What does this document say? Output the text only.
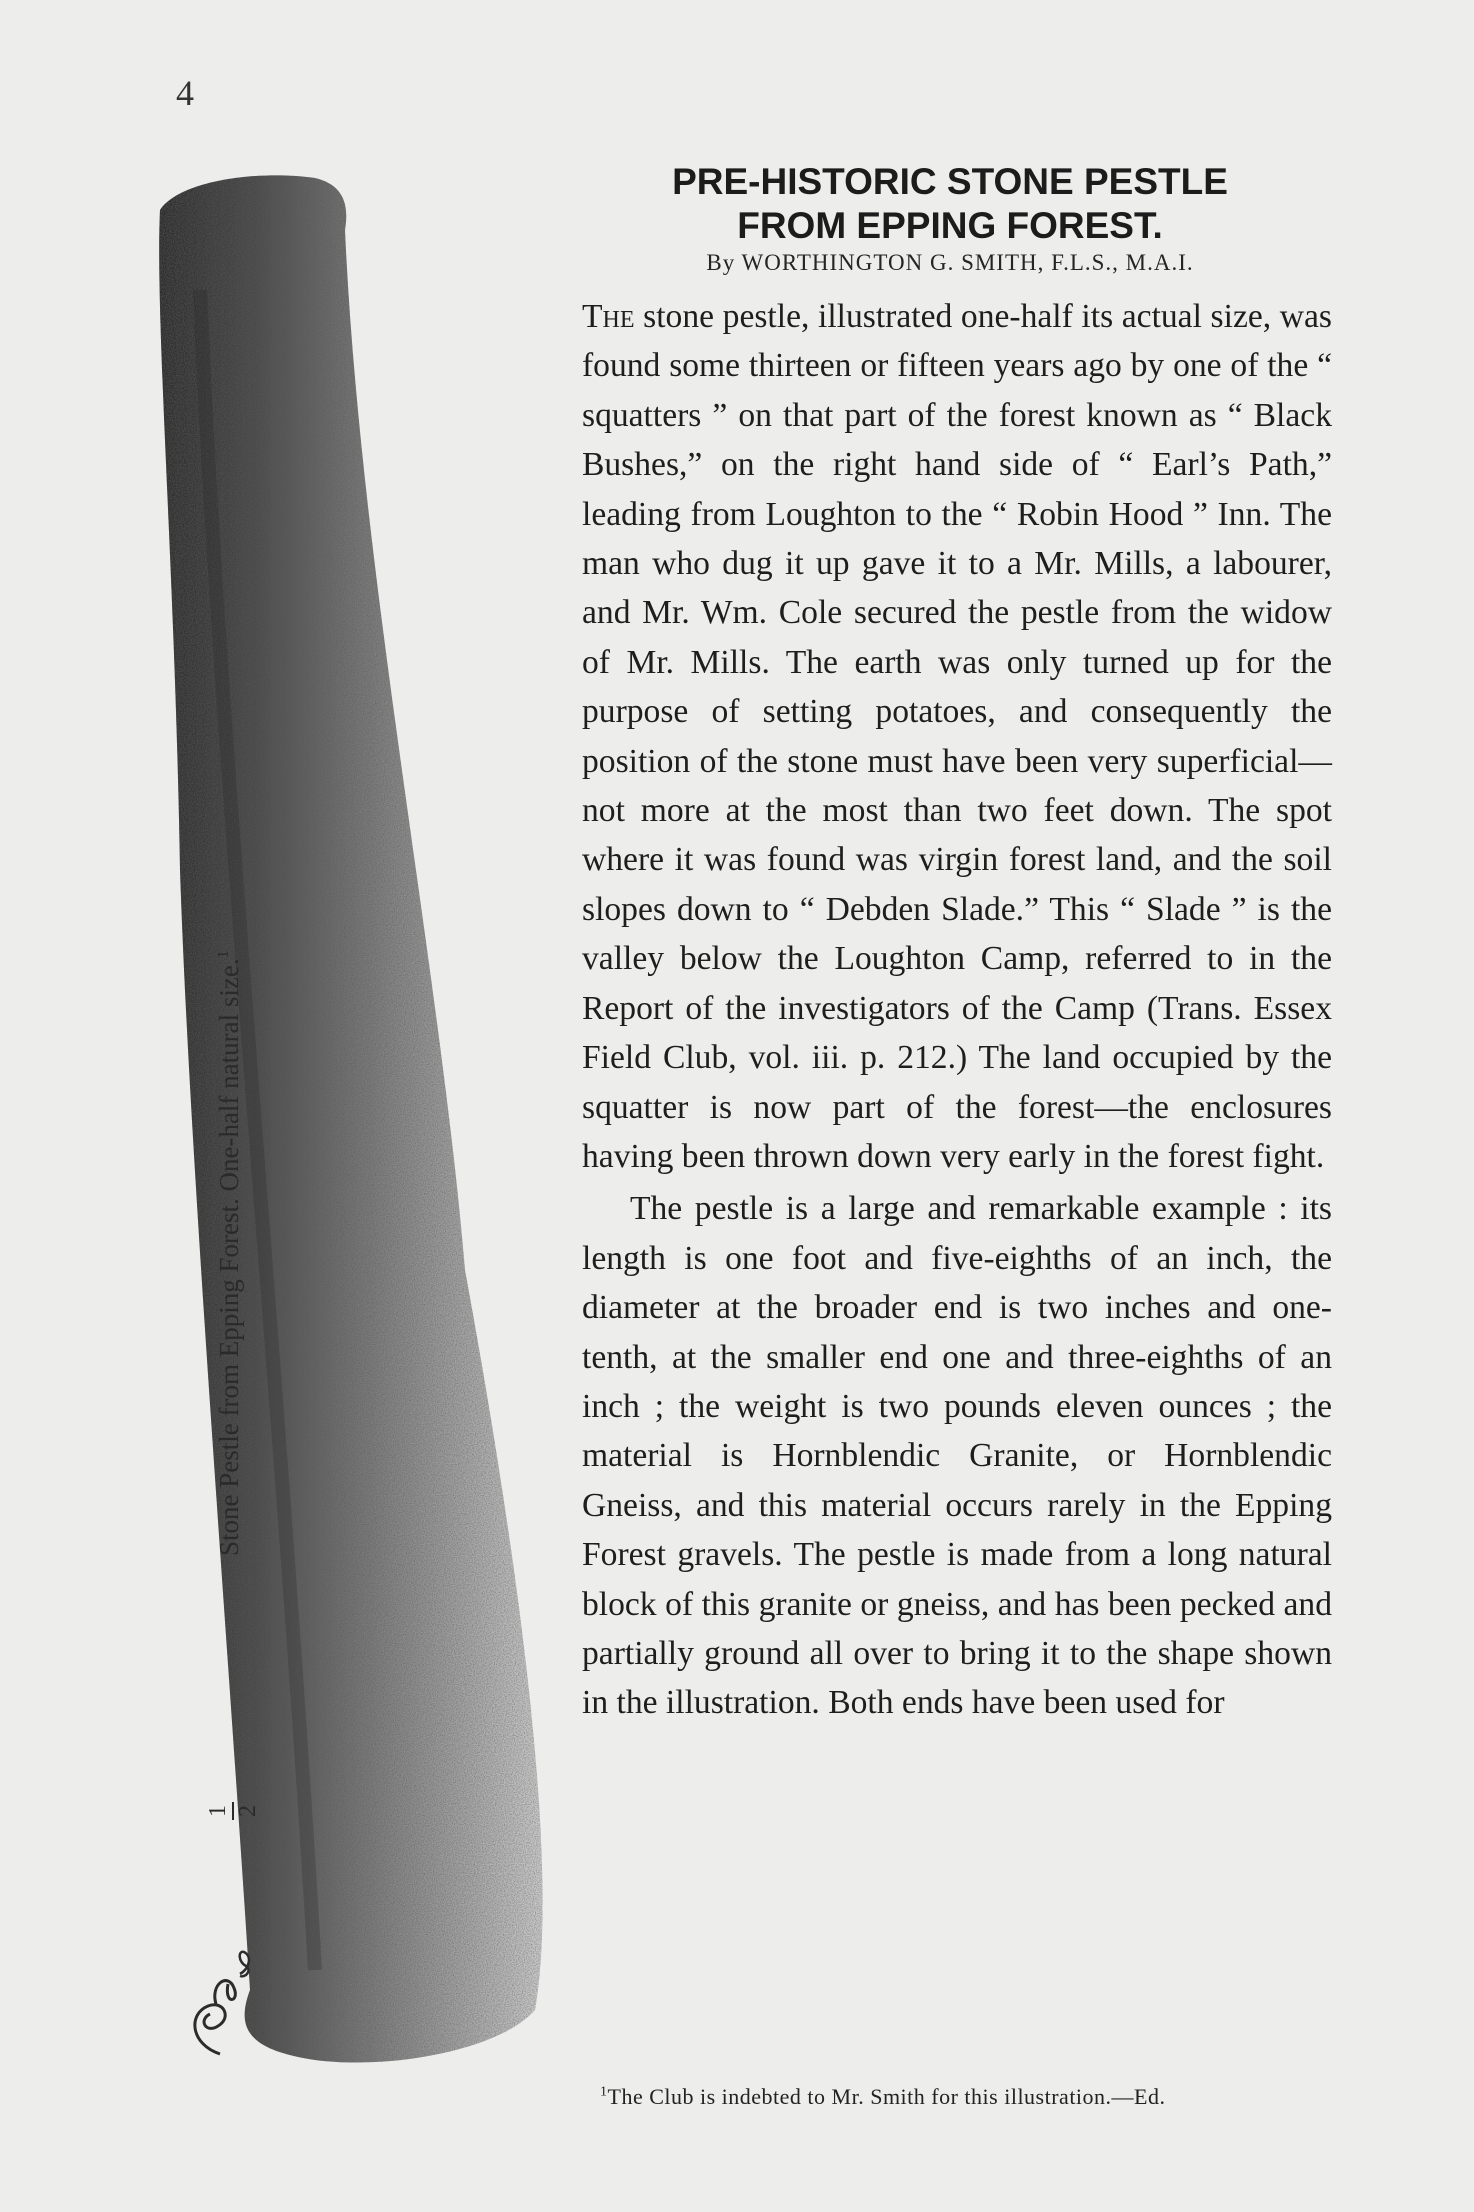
4
Stone Pestle from Epping Forest. One-half natural size.$^1$
1 2
PRE-HISTORIC STONE PESTLE
FROM EPPING FOREST.
By WORTHINGTON G. SMITH, F.L.S., M.A.I.

The stone pestle, illustrated one-half its actual size, was found some thirteen or fifteen years ago by one of the “ squatters ” on that part of the forest known as “ Black Bushes,” on the right hand side of “ Earl’s Path,” leading from Loughton to the “ Robin Hood ” Inn. The man who dug it up gave it to a Mr. Mills, a labourer, and Mr. Wm. Cole secured the pestle from the widow of Mr. Mills. The earth was only turned up for the purpose of setting potatoes, and consequently the position of the stone must have been very superficial—not more at the most than two feet down. The spot where it was found was virgin forest land, and the soil slopes down to “ Debden Slade.” This “ Slade ” is the valley below the Loughton Camp, referred to in the Report of the investigators of the Camp (Trans. Essex Field Club, vol. iii. p. 212.) The land occupied by the squatter is now part of the forest—the enclosures having been thrown down very early in the forest fight.

The pestle is a large and remarkable example : its length is one foot and five-eighths of an inch, the diameter at the broader end is two inches and one-tenth, at the smaller end one and three-eighths of an inch ; the weight is two pounds eleven ounces ; the material is Hornblendic Granite, or Hornblendic Gneiss, and this material occurs rarely in the Epping Forest gravels. The pestle is made from a long natural block of this granite or gneiss, and has been pecked and partially ground all over to bring it to the shape shown in the illustration. Both ends have been used for

$^1$The Club is indebted to Mr. Smith for this illustration.—Ed.
